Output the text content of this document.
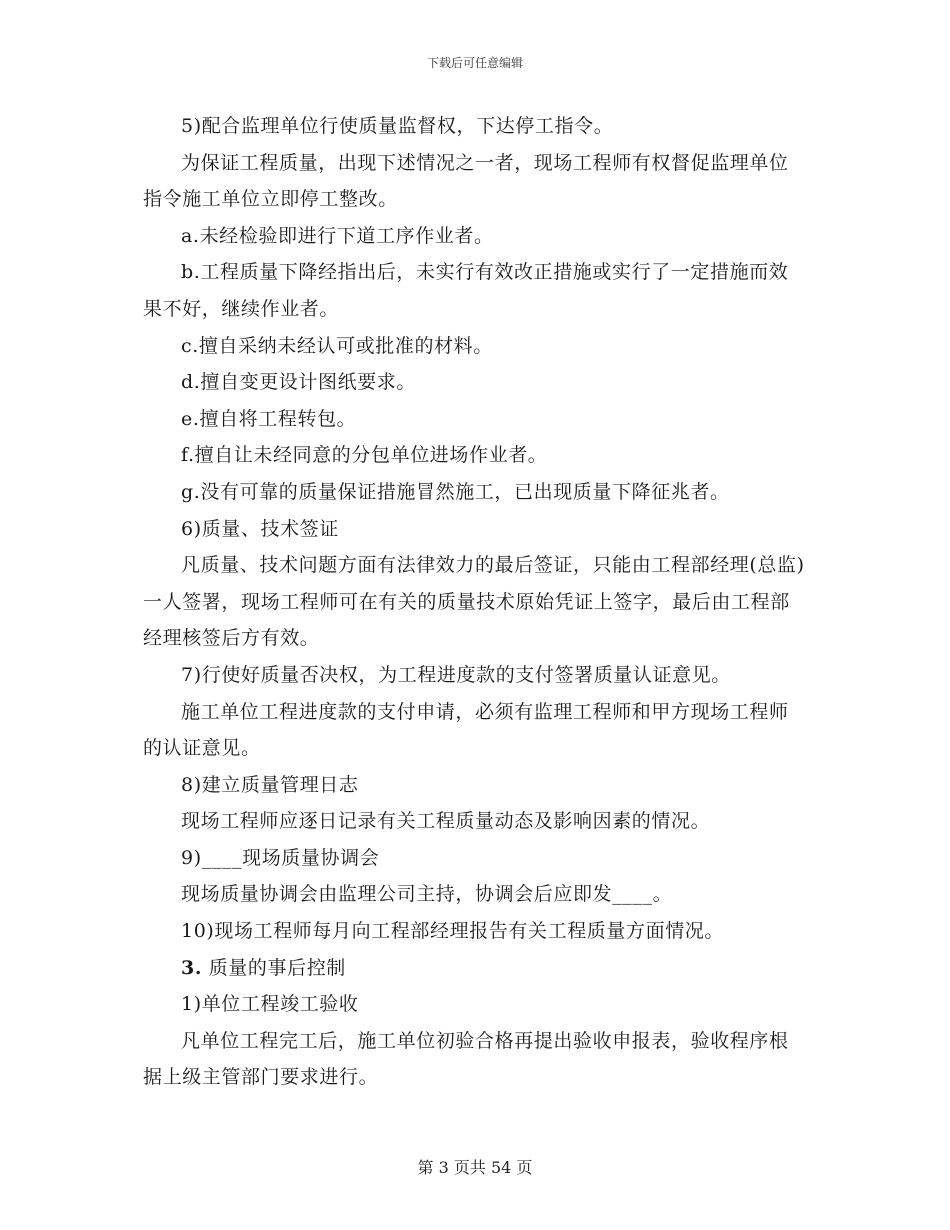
下载后可任意编辑

5)配合监理单位行使质量监督权，下达停工指令。

为保证工程质量，出现下述情况之一者，现场工程师有权督促监理单位指令施工单位立即停工整改。

a.未经检验即进行下道工序作业者。

b.工程质量下降经指出后，未实行有效改正措施或实行了一定措施而效果不好，继续作业者。

c.擅自采纳未经认可或批准的材料。

d.擅自变更设计图纸要求。

e.擅自将工程转包。

f.擅自让未经同意的分包单位进场作业者。

g.没有可靠的质量保证措施冒然施工，已出现质量下降征兆者。

6)质量、技术签证

凡质量、技术问题方面有法律效力的最后签证，只能由工程部经理(总监)一人签署，现场工程师可在有关的质量技术原始凭证上签字，最后由工程部经理核签后方有效。

7)行使好质量否决权，为工程进度款的支付签署质量认证意见。

施工单位工程进度款的支付申请，必须有监理工程师和甲方现场工程师的认证意见。

8)建立质量管理日志

现场工程师应逐日记录有关工程质量动态及影响因素的情况。

9)____现场质量协调会

现场质量协调会由监理公司主持，协调会后应即发____。

10)现场工程师每月向工程部经理报告有关工程质量方面情况。

3. 质量的事后控制

1)单位工程竣工验收

凡单位工程完工后，施工单位初验合格再提出验收申报表，验收程序根据上级主管部门要求进行。

第 3 页共 54 页
